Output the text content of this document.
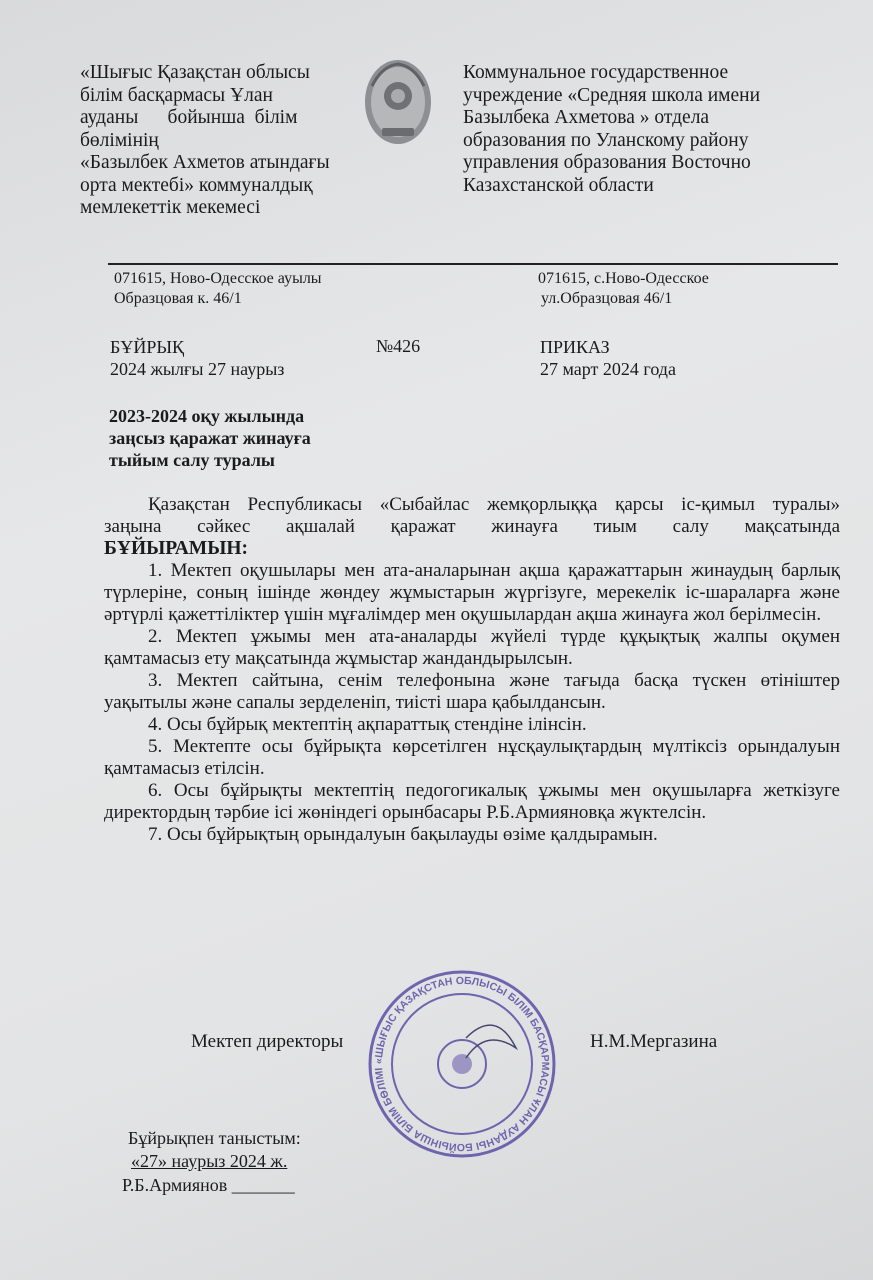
«Шығыс Қазақстан облысы
білім басқармасы Ұлан
ауданы      бойынша  білім
бөлімінің
«Базылбек Ахметов атындағы
орта мектебі» коммуналдық
мемлекеттік мекемесі
Коммунальное государственное
учреждение «Средняя школа имени
Базылбека Ахметова » отдела
образования по Уланскому району
управления образования Восточно
Казахстанской области
071615, Ново-Одесское ауылы
Образцовая к. 46/1
071615, с.Ново-Одесское
ул.Образцовая 46/1
БҰЙРЫҚ
2024 жылғы 27 наурыз
№426	ПРИКАЗ
27 март 2024 года
2023-2024 оқу жылында
заңсыз қаражат жинауға
тыйым салу туралы
Қазақстан Республикасы «Сыбайлас жемқорлыққа қарсы іс-қимыл туралы»
заңына сәйкес ақшалай қаражат жинауға тиым салу мақсатында
БҰЙЫРАМЫН:

1. Мектеп оқушылары мен ата-аналарынан ақша қаражаттарын жинаудың барлық түрлеріне, соның ішінде жөндеу жұмыстарын жүргізуге, мерекелік іс-шараларға және әртүрлі қажеттіліктер үшін мұғалімдер мен оқушылардан ақша жинауға жол берілмесін.

2. Мектеп ұжымы мен ата-аналарды жүйелі түрде құқықтық жалпы оқумен қамтамасыз ету мақсатында жұмыстар жандандырылсын.

3. Мектеп сайтына, сенім телефонына және тағыда басқа түскен өтініштер уақытылы және сапалы зерделеніп, тиісті шара қабылдансын.

4. Осы бұйрық мектептің ақпараттық стендіне ілінсін.

5. Мектепте осы бұйрықта көрсетілген нұсқаулықтардың мүлтіксіз орындалуын қамтамасыз етілсін.

6. Осы бұйрықты мектептің педогогикалық ұжымы мен оқушыларға жеткізуге директордың тәрбие ісі жөніндегі орынбасары Р.Б.Армияновқа жүктелсін.

7. Осы бұйрықтың орындалуын бақылауды өзіме қалдырамын.

Мектеп директоры	Н.М.Мергазина
«ШЫҒЫС ҚАЗАҚСТАН ОБЛЫСЫ БІЛІМ БАСҚАРМАСЫ ҰЛАН АУДАНЫ БОЙЫНША БІЛІМ БӨЛІМІ
Бұйрықпен таныстым:
«27» наурыз 2024 ж.
Р.Б.Армиянов _______
